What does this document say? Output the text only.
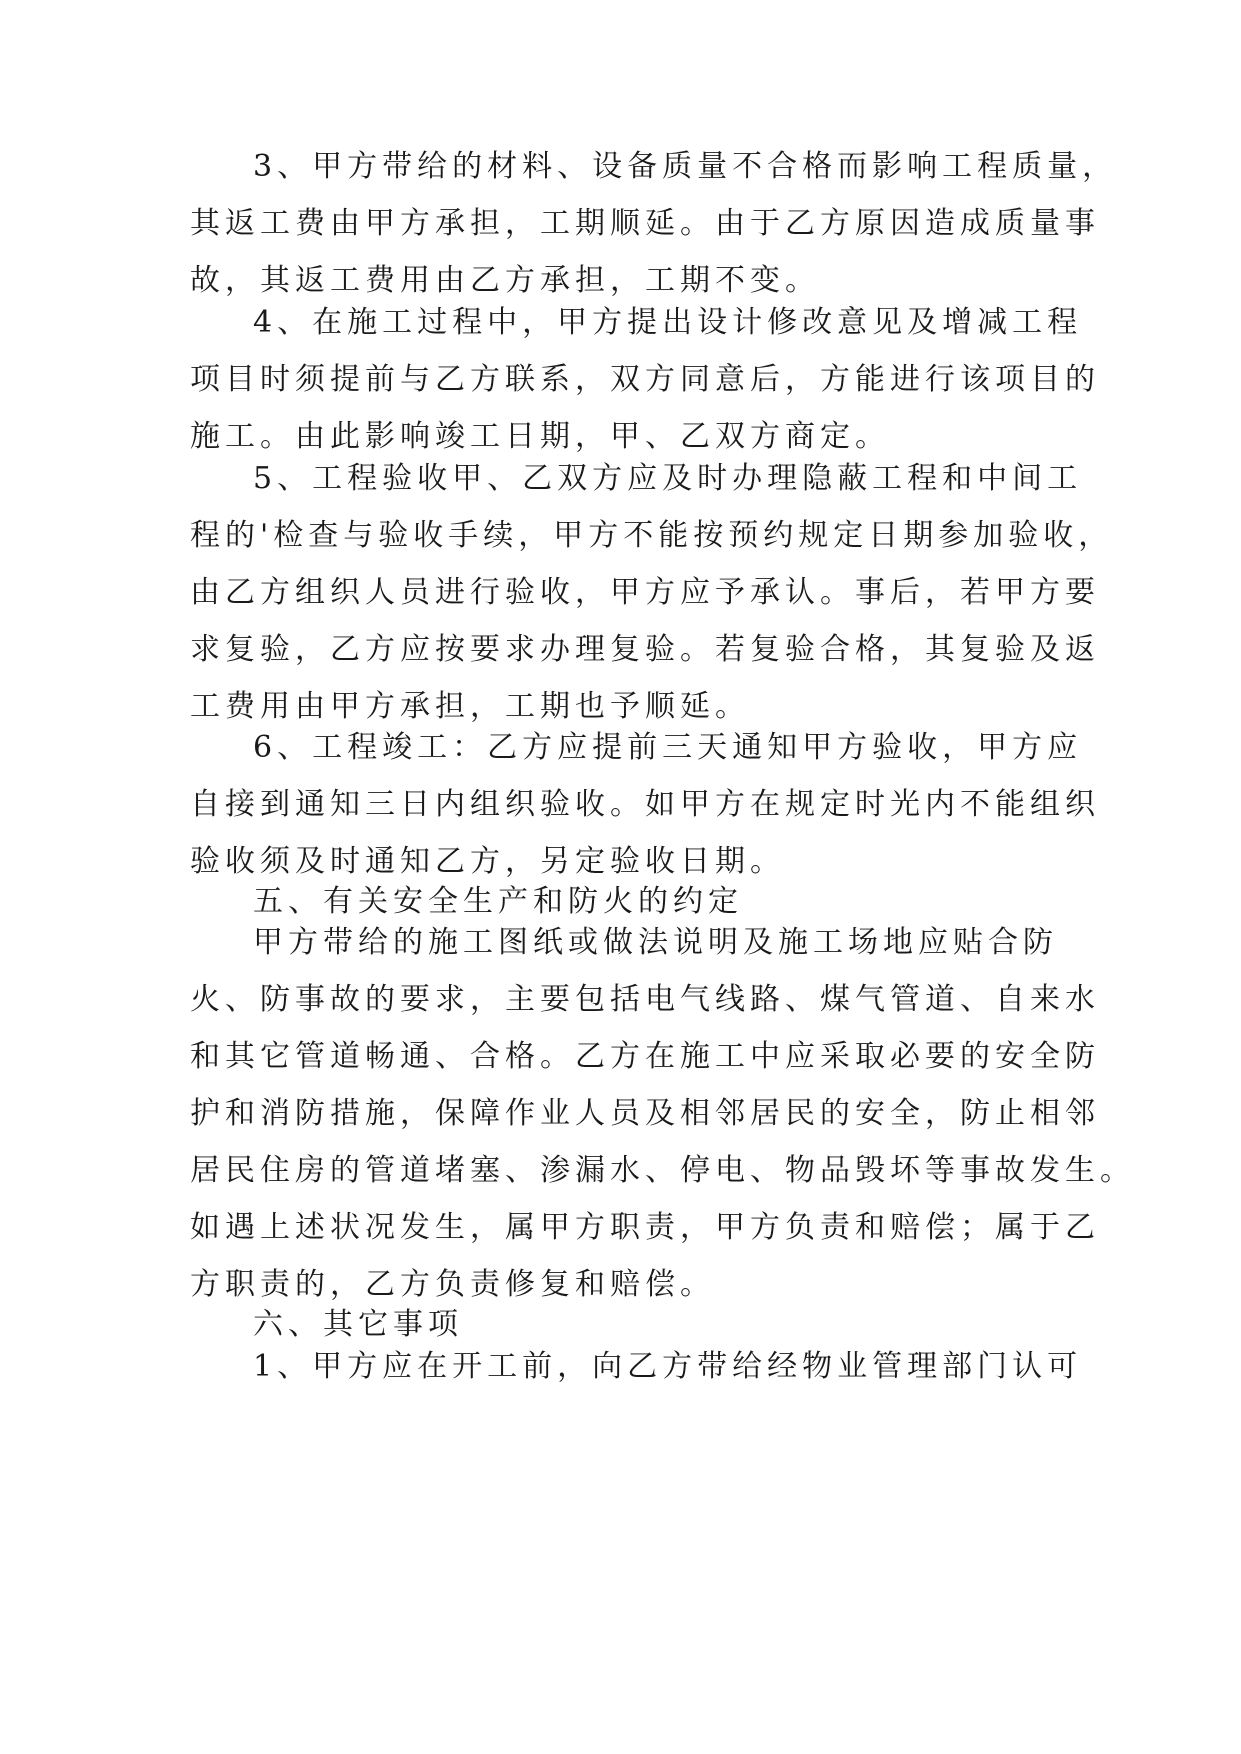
3、甲方带给的材料、设备质量不合格而影响工程质量，
其返工费由甲方承担，工期顺延。由于乙方原因造成质量事
故，其返工费用由乙方承担，工期不变。
4、在施工过程中，甲方提出设计修改意见及增减工程
项目时须提前与乙方联系，双方同意后，方能进行该项目的
施工。由此影响竣工日期，甲、乙双方商定。
5、工程验收甲、乙双方应及时办理隐蔽工程和中间工
程的'检查与验收手续，甲方不能按预约规定日期参加验收，
由乙方组织人员进行验收，甲方应予承认。事后，若甲方要
求复验，乙方应按要求办理复验。若复验合格，其复验及返
工费用由甲方承担，工期也予顺延。
6、工程竣工：乙方应提前三天通知甲方验收，甲方应
自接到通知三日内组织验收。如甲方在规定时光内不能组织
验收须及时通知乙方，另定验收日期。
五、有关安全生产和防火的约定
甲方带给的施工图纸或做法说明及施工场地应贴合防
火、防事故的要求，主要包括电气线路、煤气管道、自来水
和其它管道畅通、合格。乙方在施工中应采取必要的安全防
护和消防措施，保障作业人员及相邻居民的安全，防止相邻
居民住房的管道堵塞、渗漏水、停电、物品毁坏等事故发生。
如遇上述状况发生，属甲方职责，甲方负责和赔偿；属于乙
方职责的，乙方负责修复和赔偿。
六、其它事项
1、甲方应在开工前，向乙方带给经物业管理部门认可
